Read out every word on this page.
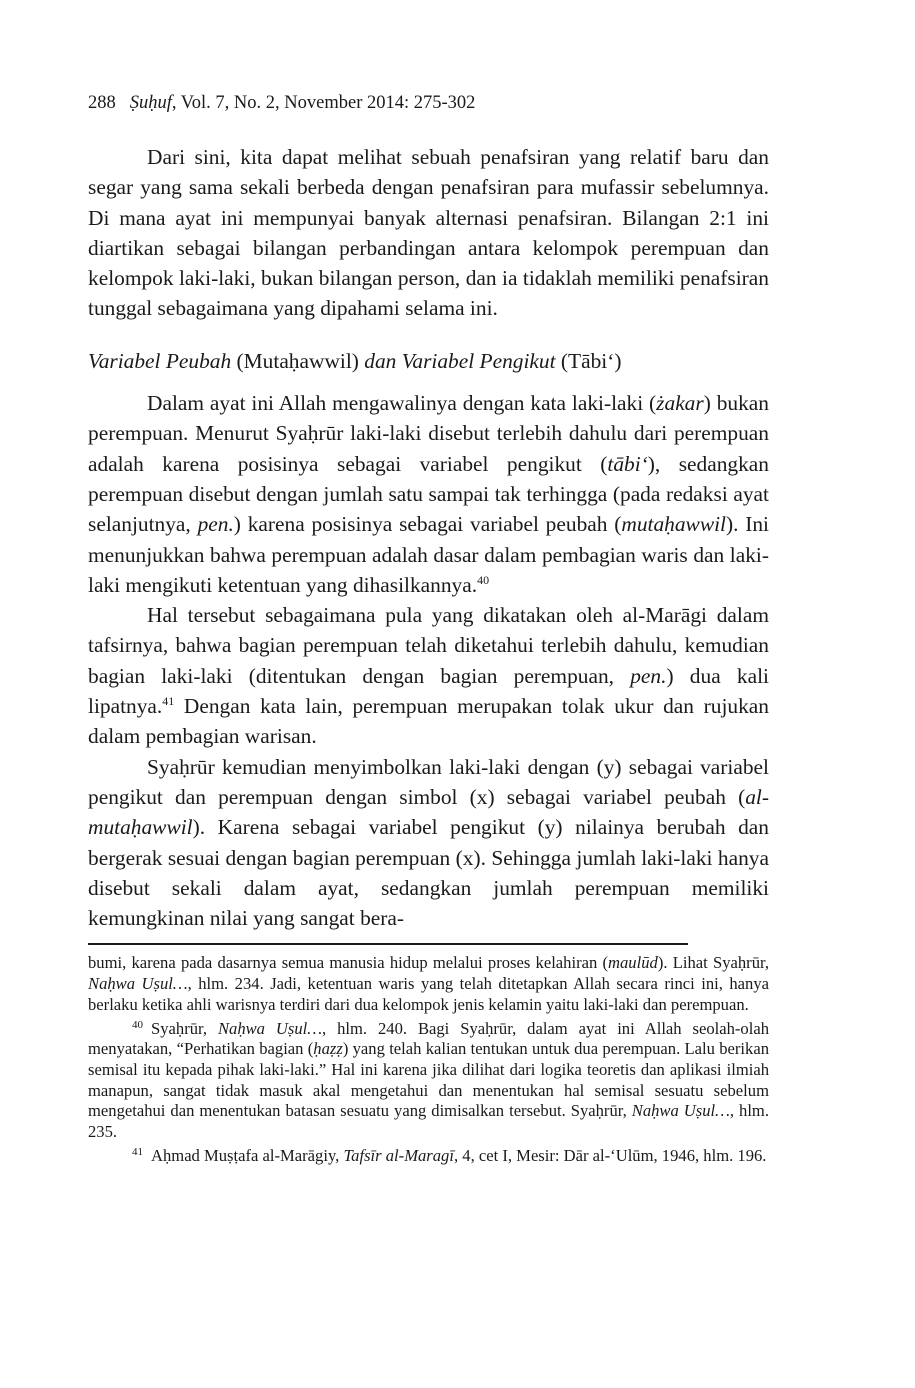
288 Ṣuḥuf, Vol. 7, No. 2, November 2014: 275-302

Dari sini, kita dapat melihat sebuah penafsiran yang relatif baru dan segar yang sama sekali berbeda dengan penafsiran para mufassir sebelumnya. Di mana ayat ini mempunyai banyak alternasi penafsiran. Bilangan 2:1 ini diartikan sebagai bilangan perbandingan antara kelompok perempuan dan kelompok laki-laki, bukan bilangan person, dan ia tidaklah memiliki penafsiran tunggal sebagaimana yang dipahami selama ini.

Variabel Peubah (Mutaḥawwil) dan Variabel Pengikut (Tābi‘)

Dalam ayat ini Allah mengawalinya dengan kata laki-laki (żakar) bukan perempuan. Menurut Syaḥrūr laki-laki disebut terlebih dahulu dari perempuan adalah karena posisinya sebagai variabel pengikut (tābi‘), sedangkan perempuan disebut dengan jumlah satu sampai tak terhingga (pada redaksi ayat selanjutnya, pen.) karena posisinya sebagai variabel peubah (mutaḥawwil). Ini menunjukkan bahwa perempuan adalah dasar dalam pembagian waris dan laki-laki mengikuti ketentuan yang dihasilkannya.$^{40}$

Hal tersebut sebagaimana pula yang dikatakan oleh al-Marāgi dalam tafsirnya, bahwa bagian perempuan telah diketahui terlebih dahulu, kemudian bagian laki-laki (ditentukan dengan bagian perempuan, pen.) dua kali lipatnya.$^{41}$ Dengan kata lain, perempuan merupakan tolak ukur dan rujukan dalam pembagian warisan.

Syaḥrūr kemudian menyimbolkan laki-laki dengan (y) sebagai variabel pengikut dan perempuan dengan simbol (x) sebagai variabel peubah (al-mutaḥawwil). Karena sebagai variabel pengikut (y) nilainya berubah dan bergerak sesuai dengan bagian perempuan (x). Sehingga jumlah laki-laki hanya disebut sekali dalam ayat, sedangkan jumlah perempuan memiliki kemungkinan nilai yang sangat bera-

bumi, karena pada dasarnya semua manusia hidup melalui proses kelahiran (maulūd). Lihat Syaḥrūr, Naḥwa Uṣul…, hlm. 234. Jadi, ketentuan waris yang telah ditetapkan Allah secara rinci ini, hanya berlaku ketika ahli warisnya terdiri dari dua kelompok jenis kelamin yaitu laki-laki dan perempuan.

$^{40}$ Syaḥrūr, Naḥwa Uṣul…, hlm. 240. Bagi Syaḥrūr, dalam ayat ini Allah seolah-olah menyatakan, “Perhatikan bagian (ḥaẓẓ) yang telah kalian tentukan untuk dua perempuan. Lalu berikan semisal itu kepada pihak laki-laki.” Hal ini karena jika dilihat dari logika teoretis dan aplikasi ilmiah manapun, sangat tidak masuk akal mengetahui dan menentukan hal semisal sesuatu sebelum mengetahui dan menentukan batasan sesuatu yang dimisalkan tersebut. Syaḥrūr, Naḥwa Uṣul…, hlm. 235.

$^{41}$ Aḥmad Muṣṭafa al-Marāgiy, Tafsīr al-Maragī, 4, cet I, Mesir: Dār al-‘Ulūm, 1946, hlm. 196.
